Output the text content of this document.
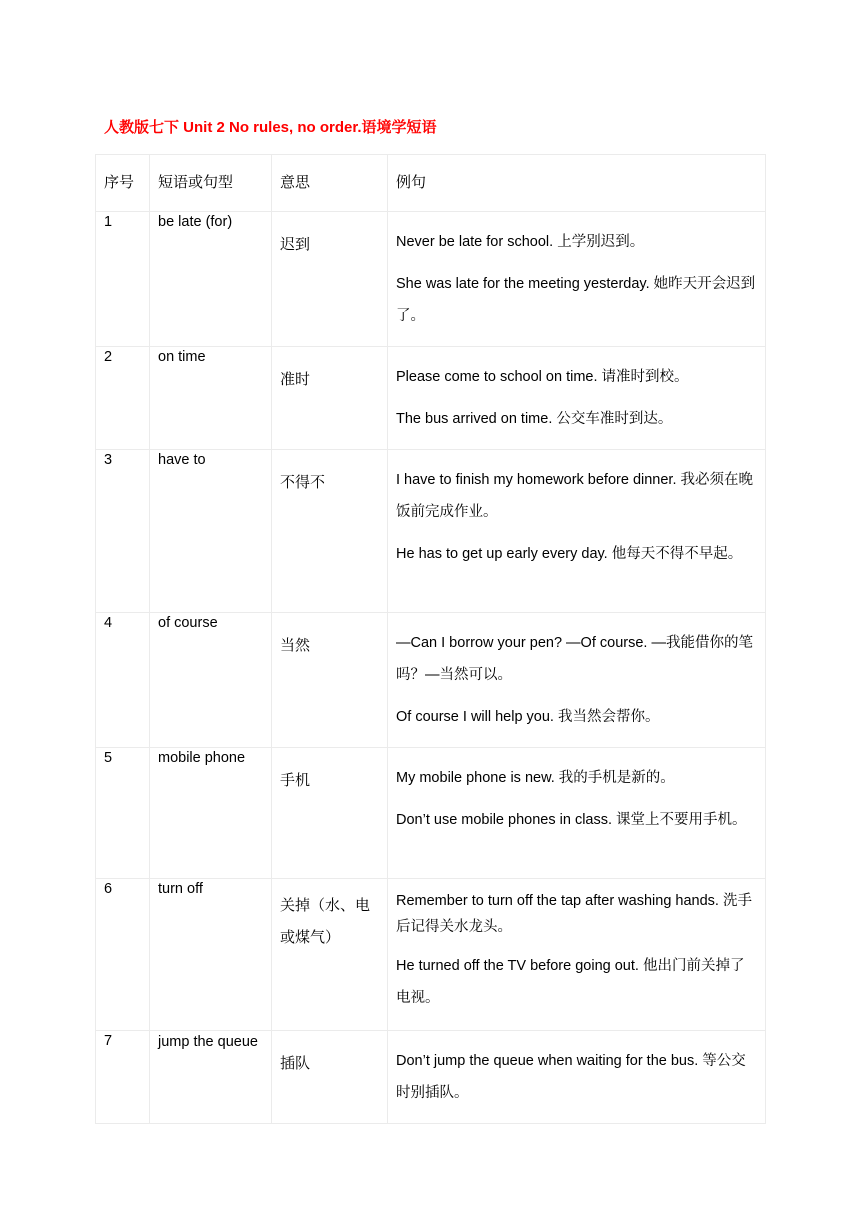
人教版七下 Unit 2 No rules, no order.语境学短语
序号	短语或句型	意思	例句
1	be late (for)	迟到	Never be late for school. 上学别迟到。
She was late for the meeting yesterday. 她昨天开会迟到了。

2	on time	准时	Please come to school on time. 请准时到校。
The bus arrived on time. 公交车准时到达。

3	have to	不得不	I have to finish my homework before dinner. 我必须在晚饭前完成作业。
He has to get up early every day. 他每天不得不早起。

4	of course	当然	—Can I borrow your pen? —Of course. —我能借你的笔吗？—当然可以。
Of course I will help you. 我当然会帮你。

5	mobile phone	手机	My mobile phone is new. 我的手机是新的。
Don’t use mobile phones in class. 课堂上不要用手机。

6	turn off	关掉（水、电或煤气）	Remember to turn off the tap after washing hands. 洗手后记得关水龙头。
He turned off the TV before going out. 他出门前关掉了电视。

7	jump the queue	插队	Don’t jump the queue when waiting for the bus. 等公交时别插队。
